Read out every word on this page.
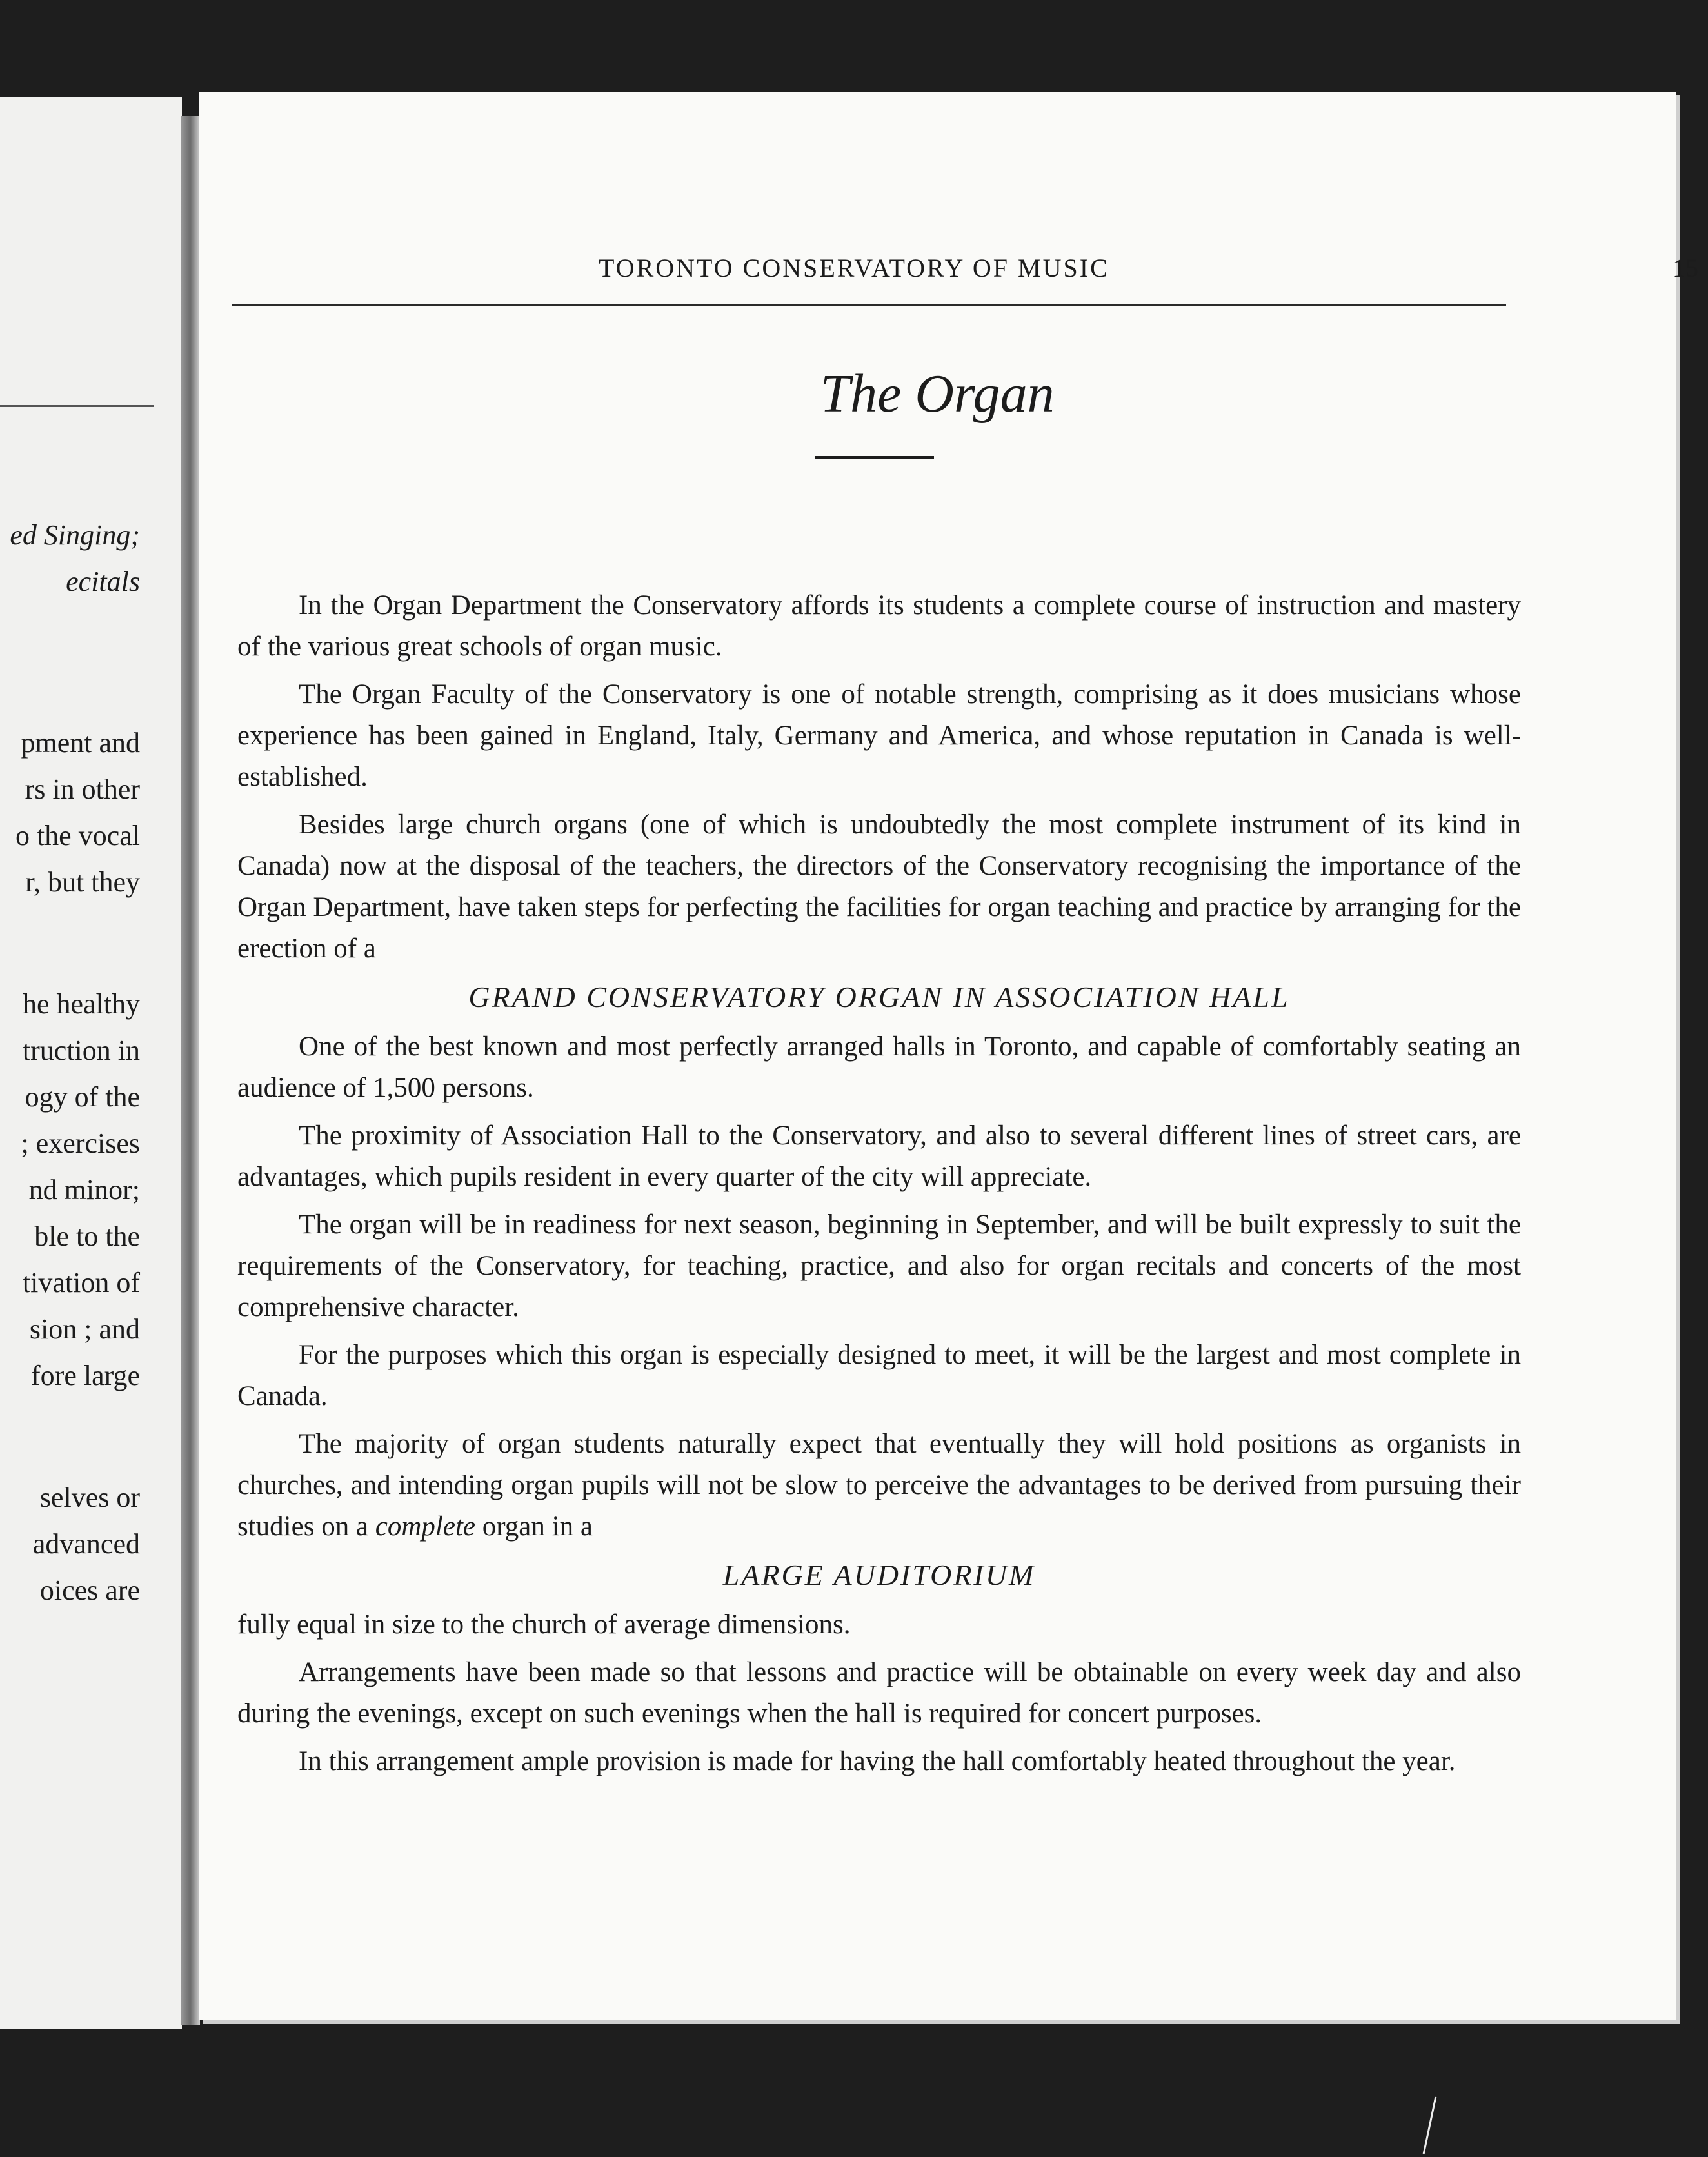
ed Singing;
ecitals
pment and
rs in other
o the vocal
r, but they
he healthy
truction in
ogy of the
; exercises
nd minor;
ble to the
tivation of
sion ; and
fore large
selves or
advanced
oices are
TORONTO CONSERVATORY OF MUSIC	15
The Organ

In the Organ Department the Conservatory affords its students a complete course of instruction and mastery of the various great schools of organ music.

The Organ Faculty of the Conservatory is one of notable strength, comprising as it does musicians whose experience has been gained in England, Italy, Germany and America, and whose reputation in Canada is well-established.

Besides large church organs (one of which is undoubtedly the most complete instrument of its kind in Canada) now at the disposal of the teachers, the directors of the Conservatory recognising the importance of the Organ Department, have taken steps for perfecting the facilities for organ teaching and practice by arranging for the erection of a

GRAND CONSERVATORY ORGAN IN ASSOCIATION HALL

One of the best known and most perfectly arranged halls in Toronto, and capable of comfortably seating an audience of 1,500 persons.

The proximity of Association Hall to the Conservatory, and also to several different lines of street cars, are advantages, which pupils resident in every quarter of the city will appreciate.

The organ will be in readiness for next season, beginning in September, and will be built expressly to suit the requirements of the Conservatory, for teaching, practice, and also for organ recitals and concerts of the most comprehensive character.

For the purposes which this organ is especially designed to meet, it will be the largest and most complete in Canada.

The majority of organ students naturally expect that eventually they will hold positions as organists in churches, and intending organ pupils will not be slow to perceive the advantages to be derived from pursuing their studies on a complete organ in a

LARGE AUDITORIUM

fully equal in size to the church of average dimensions.

Arrangements have been made so that lessons and practice will be obtainable on every week day and also during the evenings, except on such evenings when the hall is required for concert purposes.

In this arrangement ample provision is made for having the hall comfortably heated throughout the year.
